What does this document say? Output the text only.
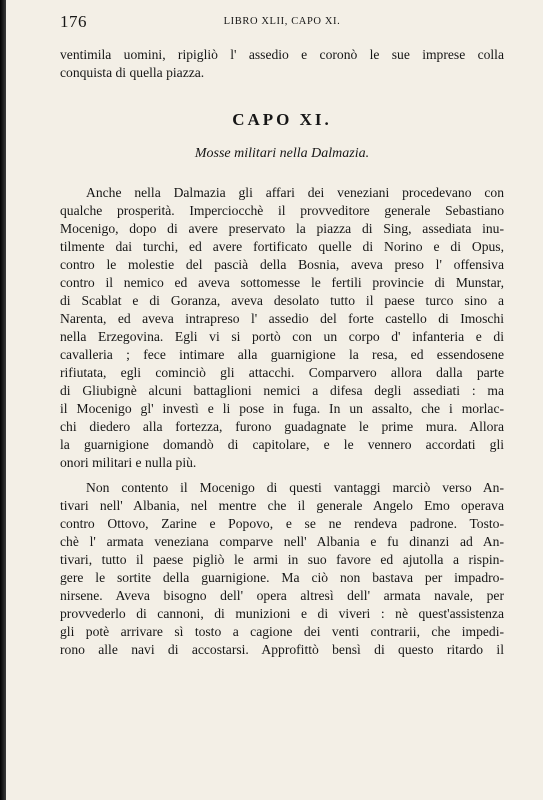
176	LIBRO XLII, CAPO XI.
ventimila uomini, ripigliò l' assedio e coronò le sue imprese colla
conquista di quella piazza.
CAPO XI.
Mosse militari nella Dalmazia.
Anche nella Dalmazia gli affari dei veneziani procedevano con
qualche prosperità. Imperciocchè il provveditore generale Sebastiano
Mocenigo, dopo di avere preservato la piazza di Sing, assediata inu-
tilmente dai turchi, ed avere fortificato quelle di Norino e di Opus,
contro le molestie del pascià della Bosnia, aveva preso l' offensiva
contro il nemico ed aveva sottomesse le fertili provincie di Munstar,
di Scablat e di Goranza, aveva desolato tutto il paese turco sino a
Narenta, ed aveva intrapreso l' assedio del forte castello di Imoschi
nella Erzegovina. Egli vi si portò con un corpo d' infanteria e di
cavalleria ; fece intimare alla guarnigione la resa, ed essendosene
rifiutata, egli cominciò gli attacchi. Comparvero allora dalla parte
di Gliubignè alcuni battaglioni nemici a difesa degli assediati : ma
il Mocenigo gl' investì e li pose in fuga. In un assalto, che i morlac-
chi diedero alla fortezza, furono guadagnate le prime mura. Allora
la guarnigione domandò di capitolare, e le vennero accordati gli
onori militari e nulla più.
Non contento il Mocenigo di questi vantaggi marciò verso An-
tivari nell' Albania, nel mentre che il generale Angelo Emo operava
contro Ottovo, Zarine e Popovo, e se ne rendeva padrone. Tosto-
chè l' armata veneziana comparve nell' Albania e fu dinanzi ad An-
tivari, tutto il paese pigliò le armi in suo favore ed ajutolla a rispin-
gere le sortite della guarnigione. Ma ciò non bastava per impadro-
nirsene. Aveva bisogno dell' opera altresì dell' armata navale, per
provvederlo di cannoni, di munizioni e di viveri : nè quest'assistenza
gli potè arrivare sì tosto a cagione dei venti contrarii, che impedi-
rono alle navi di accostarsi. Approfittò bensì di questo ritardo il
